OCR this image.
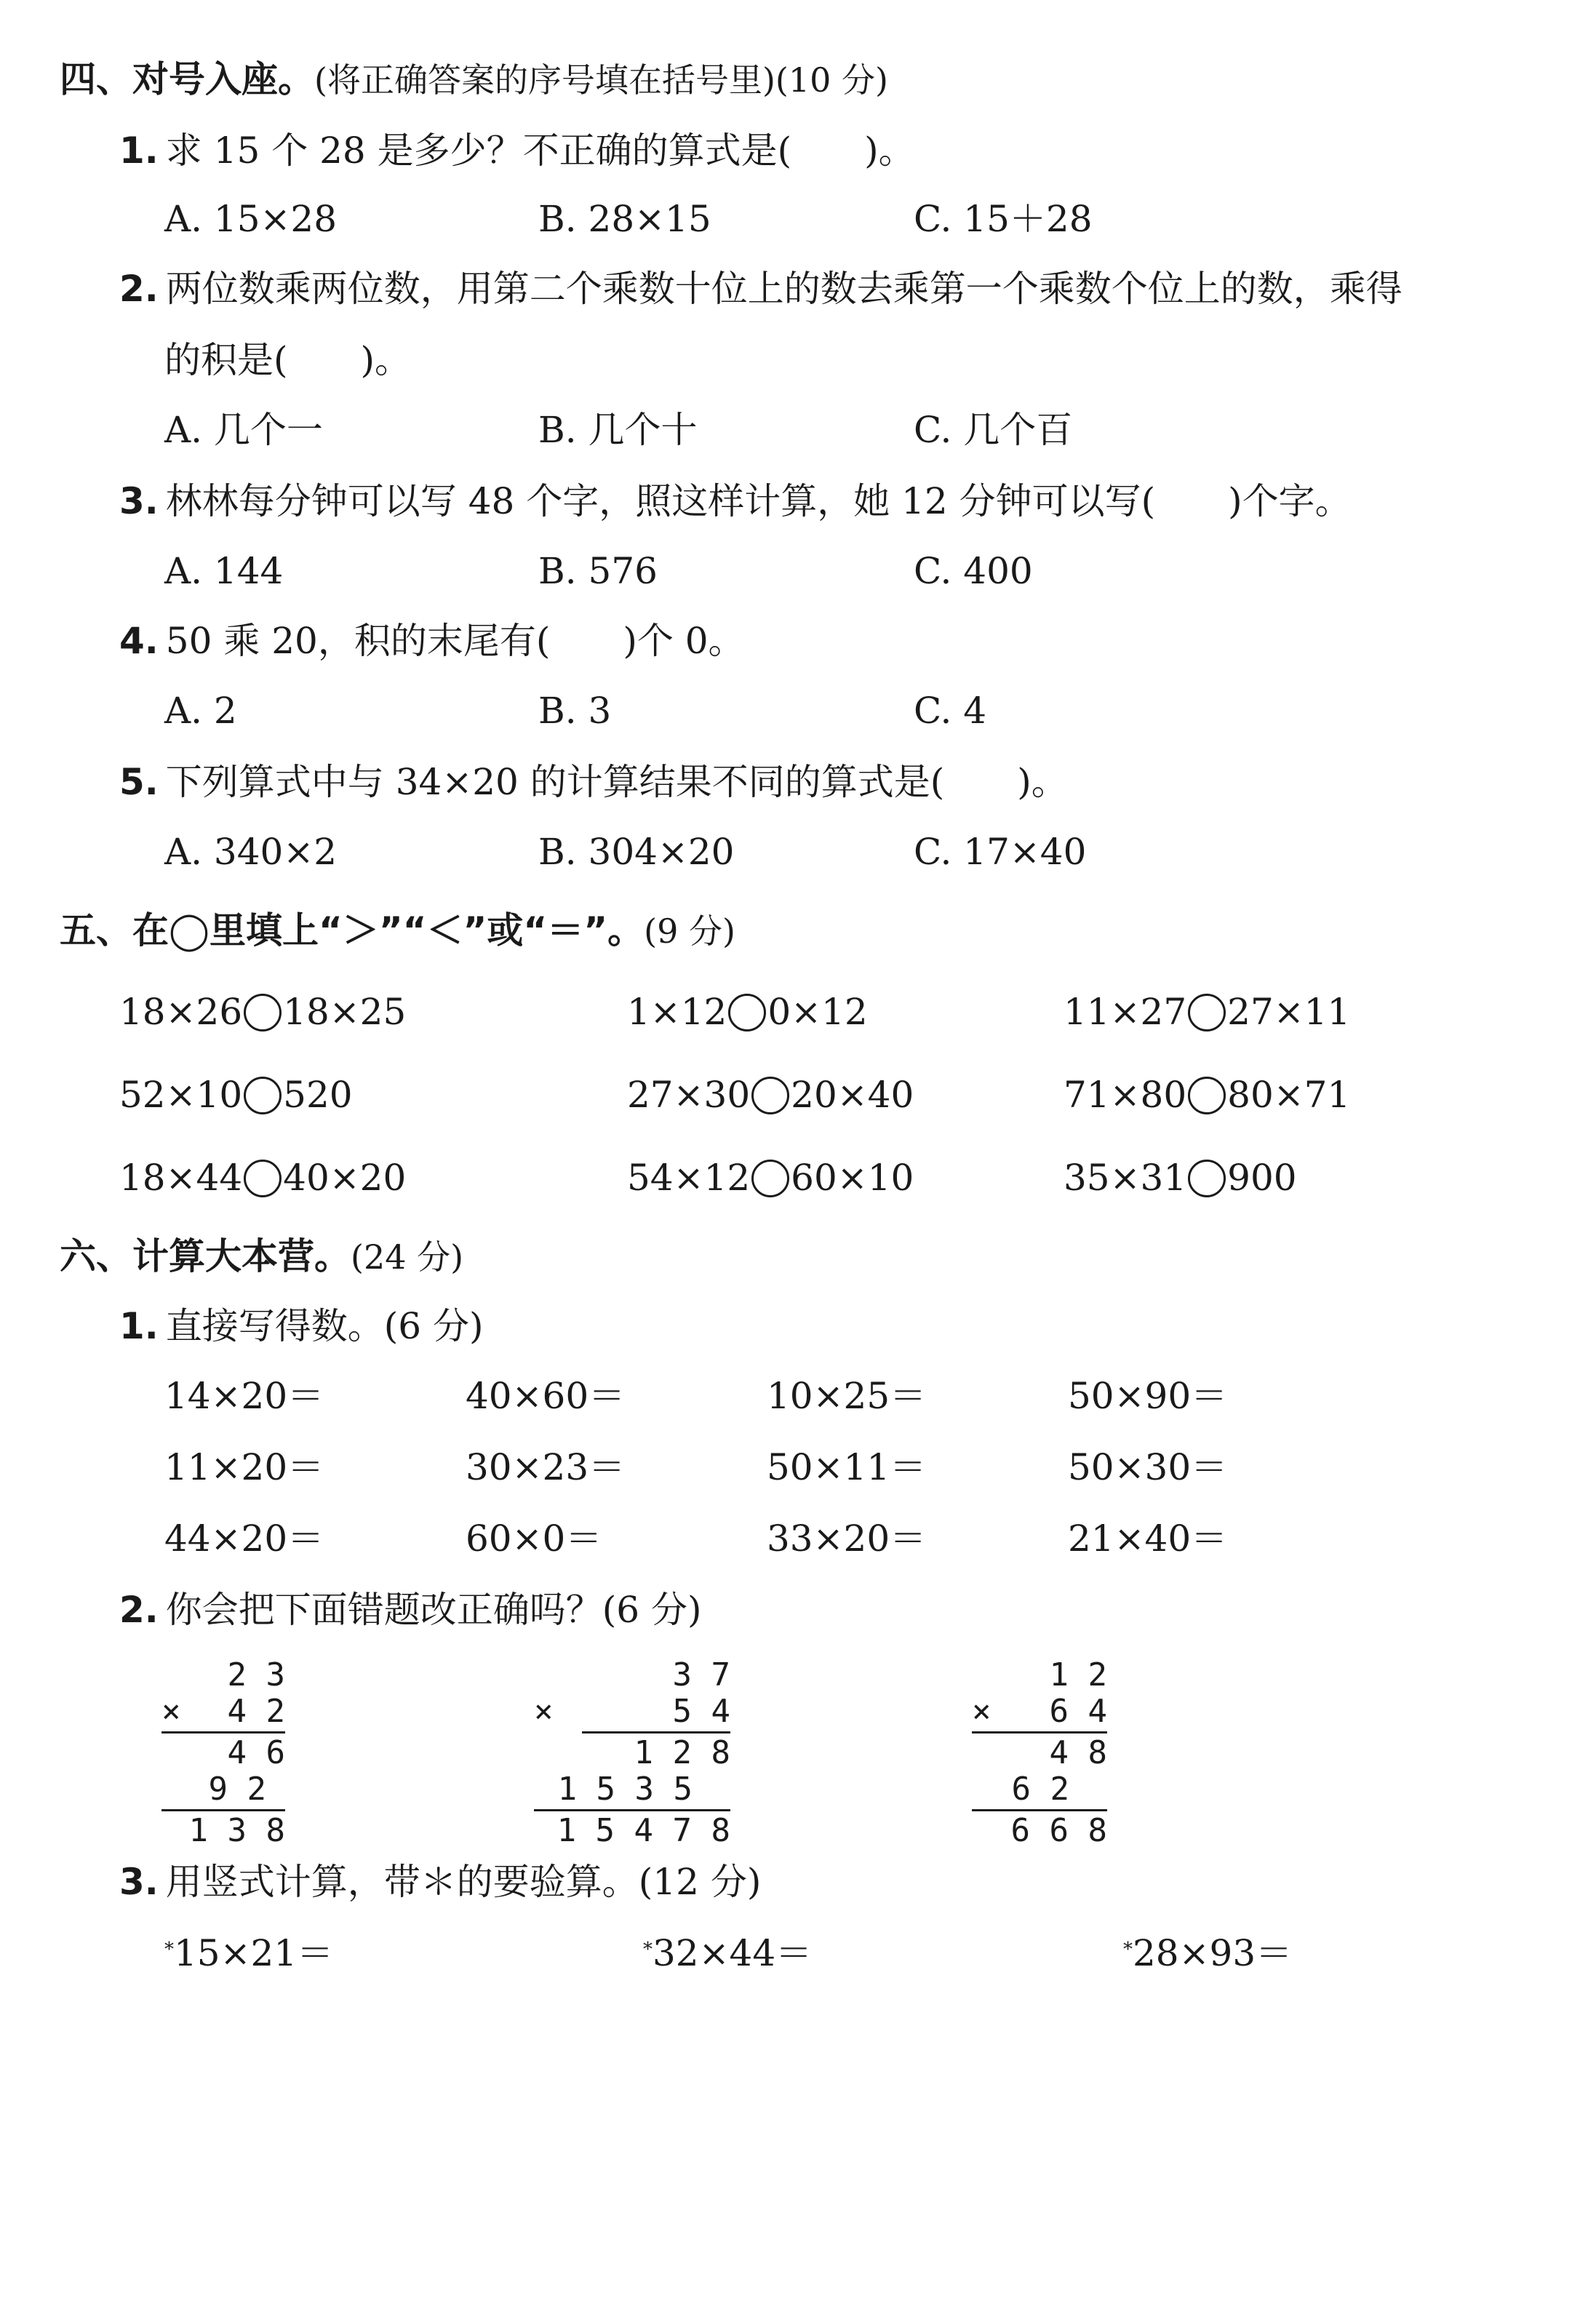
四、对号入座。(将正确答案的序号填在括号里)(10 分)
1. 求 15 个 28 是多少？不正确的算式是(　　)。
A. 15×28	B. 28×15	C. 15＋28
2. 两位数乘两位数，用第二个乘数十位上的数去乘第一个乘数个位上的数，乘得
的积是(　　)。
A. 几个一	B. 几个十	C. 几个百
3. 林林每分钟可以写 48 个字，照这样计算，她 12 分钟可以写(　　)个字。
A. 144	B. 576	C. 400
4. 50 乘 20，积的末尾有(　　)个 0。
A. 2	B. 3	C. 4
5. 下列算式中与 34×20 的计算结果不同的算式是(　　)。
A. 340×2	B. 304×20	C. 17×40
五、在◯里填上“＞”“＜”或“＝”。(9 分)
18×26 18×25	1×12 0×12	11×27 27×11
52×10 520	27×30 20×40	71×80 80×71
18×44 40×20	54×12 60×10	35×31 900
六、计算大本营。(24 分)
1. 直接写得数。(6 分)
14×20＝	40×60＝	10×25＝	50×90＝
11×20＝	30×23＝	50×11＝	50×30＝
44×20＝	60×0＝	33×20＝	21×40＝
2. 你会把下面错题改正确吗？(6 分)
2 3
× 4 2
4 6
9 2
1 3 8
3 7
×	5 4
1 2 8
1 5 3 5
1 5 4 7 8
1 2
× 6 4
4 8
6 2
6 6 8
3. 用竖式计算，带＊的要验算。(12 分)
*15×21＝	*32×44＝	*28×93＝
